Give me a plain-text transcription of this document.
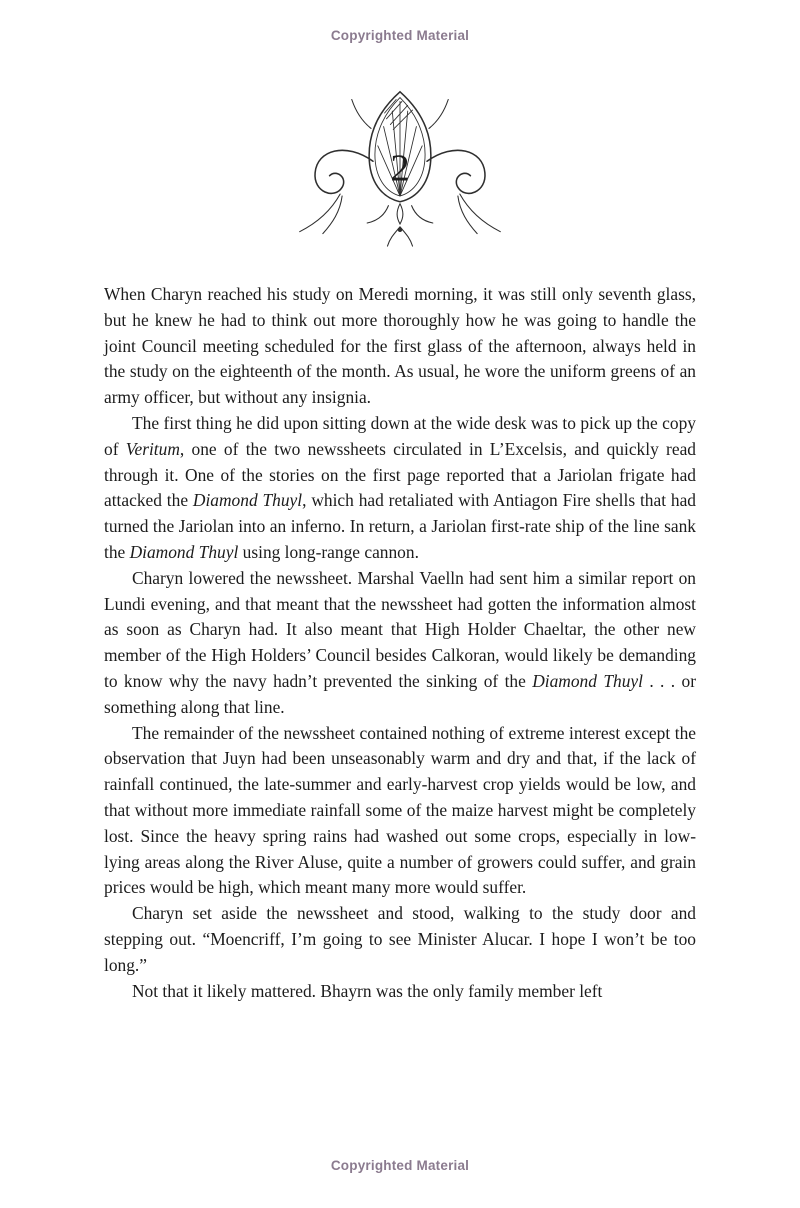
Copyrighted Material
2

When Charyn reached his study on Meredi morning, it was still only seventh glass, but he knew he had to think out more thoroughly how he was going to handle the joint Council meeting scheduled for the first glass of the afternoon, always held in the study on the eighteenth of the month. As usual, he wore the uniform greens of an army officer, but without any insignia.

The first thing he did upon sitting down at the wide desk was to pick up the copy of Veritum, one of the two newssheets circulated in L’Excelsis, and quickly read through it. One of the stories on the first page reported that a Jariolan frigate had attacked the Diamond Thuyl, which had retaliated with Antiagon Fire shells that had turned the Jariolan into an inferno. In return, a Jariolan first-rate ship of the line sank the Diamond Thuyl using long-range cannon.

Charyn lowered the newssheet. Marshal Vaelln had sent him a similar report on Lundi evening, and that meant that the newssheet had gotten the information almost as soon as Charyn had. It also meant that High Holder Chaeltar, the other new member of the High Holders’ Council besides Calkoran, would likely be demanding to know why the navy hadn’t prevented the sinking of the Diamond Thuyl . . . or something along that line.

The remainder of the newssheet contained nothing of extreme interest except the observation that Juyn had been unseasonably warm and dry and that, if the lack of rainfall continued, the late-summer and early-harvest crop yields would be low, and that without more immediate rainfall some of the maize harvest might be completely lost. Since the heavy spring rains had washed out some crops, especially in low-lying areas along the River Aluse, quite a number of growers could suffer, and grain prices would be high, which meant many more would suffer.

Charyn set aside the newssheet and stood, walking to the study door and stepping out. “Moencriff, I’m going to see Minister Alucar. I hope I won’t be too long.”

Not that it likely mattered. Bhayrn was the only family member left

Copyrighted Material
